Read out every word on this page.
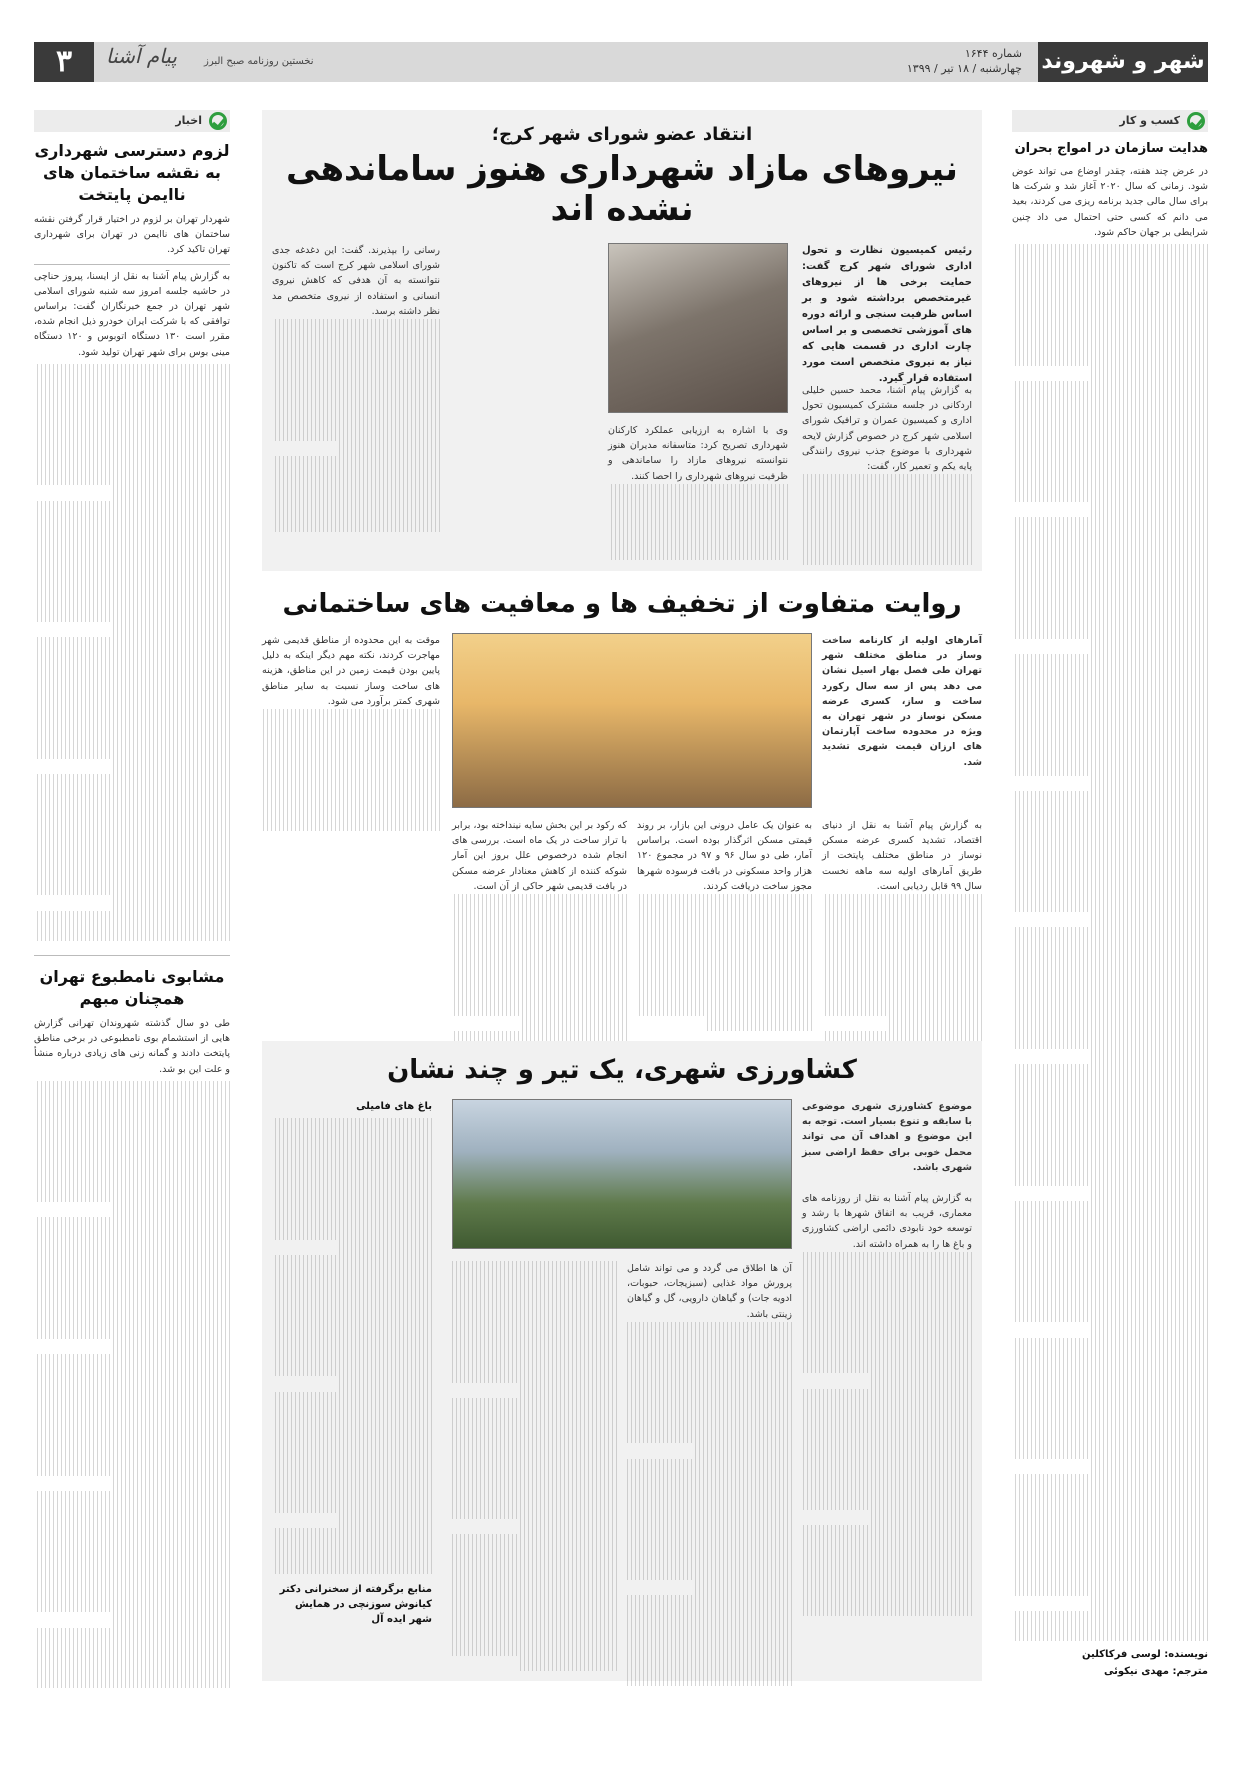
شهر و شهروند
شماره ۱۶۴۴
چهارشنبه / ۱۸ تیر / ۱۳۹۹
۳	پیام آشنا	نخستین روزنامه صبح البرز
کسب و کار
هدایت سازمان در امواج بحران

در عرض چند هفته، چقدر اوضاع می تواند عوض شود. زمانی که سال ۲۰۲۰ آغاز شد و شرکت ها برای سال مالی جدید برنامه ریزی می کردند، بعید می دانم که کسی حتی احتمال می داد چنین شرایطی بر جهان حاکم شود.

نویسنده: لوسی فرکاکلین
مترجم: مهدی نیکوئی
اخبار
لزوم دسترسی شهرداری به نقشه ساختمان های ناایمن پایتخت

شهردار تهران بر لزوم در اختیار قرار گرفتن نقشه ساختمان های ناایمن در تهران برای شهرداری تهران تاکید کرد.

به گزارش پیام آشنا به نقل از ایسنا، پیروز حناچی در حاشیه جلسه امروز سه شنبه شورای اسلامی شهر تهران در جمع خبرنگاران گفت: براساس توافقی که با شرکت ایران خودرو ذیل انجام شده، مقرر است ۱۳۰ دستگاه اتوبوس و ۱۲۰ دستگاه مینی بوس برای شهر تهران تولید شود.

مشابوی نامطبوع تهران همچنان مبهم

طی دو سال گذشته شهروندان تهرانی گزارش هایی از استشمام بوی نامطبوعی در برخی مناطق پایتخت دادند و گمانه زنی های زیادی درباره منشأ و علت این بو شد.

انتقاد عضو شورای شهر کرج؛
نیروهای مازاد شهرداری هنوز ساماندهی نشده اند
رئیس کمیسیون نظارت و تحول اداری شورای شهر کرج گفت: حمایت برخی ها از نیروهای غیرمتخصص برداشته شود و بر اساس ظرفیت سنجی و ارائه دوره های آموزشی تخصصی و بر اساس چارت اداری در قسمت هایی که نیاز به نیروی متخصص است مورد استفاده قرار گیرد.
به گزارش پیام آشنا، محمد حسین خلیلی اردکانی در جلسه مشترک کمیسیون تحول اداری و کمیسیون عمران و ترافیک شورای اسلامی شهر کرج در خصوص گزارش لایحه شهرداری با موضوع جذب نیروی رانندگی پایه یکم و تعمیر کار، گفت:
وی با اشاره به ارزیابی عملکرد کارکنان شهرداری تصریح کرد: متاسفانه مدیران هنوز نتوانسته نیروهای مازاد را ساماندهی و ظرفیت نیروهای شهرداری را احصا کنند.
رسانی را بپذیرند. گفت: این دغدغه جدی شورای اسلامی شهر کرج است که تاکنون نتوانسته به آن هدفی که کاهش نیروی انسانی و استفاده از نیروی متخصص مد نظر داشته برسد.
روایت متفاوت از تخفیف ها و معافیت های ساختمانی
آمارهای اولیه از کارنامه ساخت وساز در مناطق مختلف شهر تهران طی فصل بهار اسیل نشان می دهد پس از سه سال رکورد ساخت و ساز، کسری عرضه مسکن نوساز در شهر تهران به ویژه در محدوده ساخت آپارتمان های ارزان قیمت شهری تشدید شد.
موقت به این محدوده از مناطق قدیمی شهر مهاجرت کردند، نکته مهم دیگر اینکه به دلیل پایین بودن قیمت زمین در این مناطق، هزینه های ساخت وساز نسبت به سایر مناطق شهری کمتر برآورد می شود.
به گزارش پیام آشنا به نقل از دنیای اقتصاد، تشدید کسری عرضه مسکن نوساز در مناطق مختلف پایتخت از طریق آمارهای اولیه سه ماهه نخست سال ۹۹ قابل ردیابی است.
به عنوان یک عامل درونی این بازار، بر روند قیمتی مسکن اثرگذار بوده است. براساس آمار، طی دو سال ۹۶ و ۹۷ در مجموع ۱۲۰ هزار واحد مسکونی در بافت فرسوده شهرها مجوز ساخت دریافت کردند.
که رکود بر این بخش سایه نینداخته بود، برابر با تراز ساخت در یک ماه است. بررسی های انجام شده درخصوص علل بروز این آمار شوکه کننده از کاهش معنادار عرضه مسکن در بافت قدیمی شهر حاکی از آن است.
کشاورزی شهری، یک تیر و چند نشان
موضوع کشاورزی شهری موضوعی با سابقه و تنوع بسیار است. توجه به این موضوع و اهداف آن می تواند محمل خوبی برای حفظ اراضی سبز شهری باشد.
به گزارش پیام آشنا به نقل از روزنامه های معماری، قریب به اتفاق شهرها با رشد و توسعه خود نابودی دائمی اراضی کشاورزی و باغ ها را به همراه داشته اند.
آن ها اطلاق می گردد و می تواند شامل پرورش مواد غذایی (سبزیجات، حبوبات، ادویه جات) و گیاهان دارویی، گل و گیاهان زینتی باشد.
باغ های فامیلی
منابع برگرفته از سخنرانی دکتر کیانوش سوزنچی در همایش شهر ایده آل
